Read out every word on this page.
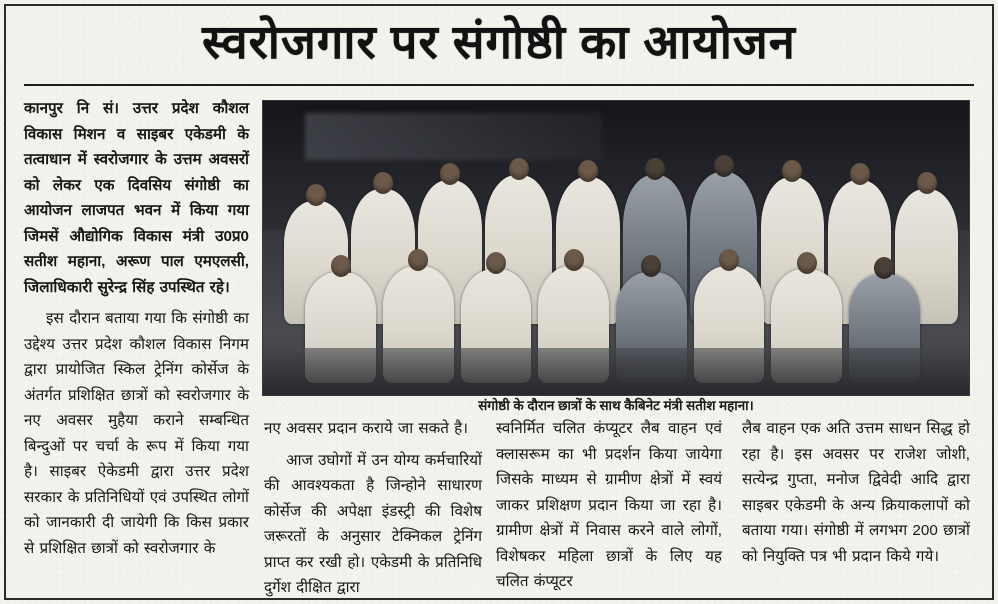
स्वरोजगार पर संगोष्ठी का आयोजन

कानपुर नि सं। उत्तर प्रदेश कौशल विकास मिशन व साइबर एकेडमी के तत्वाधान में स्वरोजगार के उत्तम अवसरों को लेकर एक दिवसिय संगोष्ठी का आयोजन लाजपत भवन में किया गया जिमसें औद्योगिक विकास मंत्री उ0प्र0 सतीश महाना, अरूण पाल एमएलसी, जिलाधिकारी सुरेन्द्र सिंह उपस्थित रहे।

इस दौरान बताया गया कि संगोष्ठी का उद्देश्य उत्तर प्रदेश कौशल विकास निगम द्वारा प्रायोजित स्किल ट्रेनिंग कोर्सेज के अंतर्गत प्रशिक्षित छात्रों को स्वरोजगार के नए अवसर मुहैया कराने सम्बन्धित बिन्दुओं पर चर्चा के रूप में किया गया है। साइबर ऐकेडमी द्वारा उत्तर प्रदेश सरकार के प्रतिनिधियों एवं उपस्थित लोगों को जानकारी दी जायेगी कि किस प्रकार से प्रशिक्षित छात्रों को स्वरोजगार के

संगोष्ठी के दौरान छात्रों के साथ कैबिनेट मंत्री सतीश महाना।

नए अवसर प्रदान कराये जा सकते है।

आज उघोगों में उन योग्य कर्मचारियों की आवश्यकता है जिन्होने साधारण कोर्सेज की अपेक्षा इंडस्ट्री की विशेष जरूरतों के अनुसार टेक्निकल ट्रेनिंग प्राप्त कर रखी हो। एकेडमी के प्रतिनिधि दुर्गेश दीक्षित द्वारा

स्वनिर्मित चलित कंप्यूटर लैब वाहन एवं क्लासरूम का भी प्रदर्शन किया जायेगा जिसके माध्यम से ग्रामीण क्षेत्रों में स्वयं जाकर प्रशिक्षण प्रदान किया जा रहा है। ग्रामीण क्षेत्रों में निवास करने वाले लोगों, विशेषकर महिला छात्रों के लिए यह चलित कंप्यूटर

लैब वाहन एक अति उत्तम साधन सिद्ध हो रहा है। इस अवसर पर राजेश जोशी, सत्येन्द्र गुप्ता, मनोज द्विवेदी आदि द्वारा साइबर एकेडमी के अन्य क्रियाकलापों को बताया गया। संगोष्ठी में लगभग 200 छात्रों को नियुक्ति पत्र भी प्रदान किये गये।
